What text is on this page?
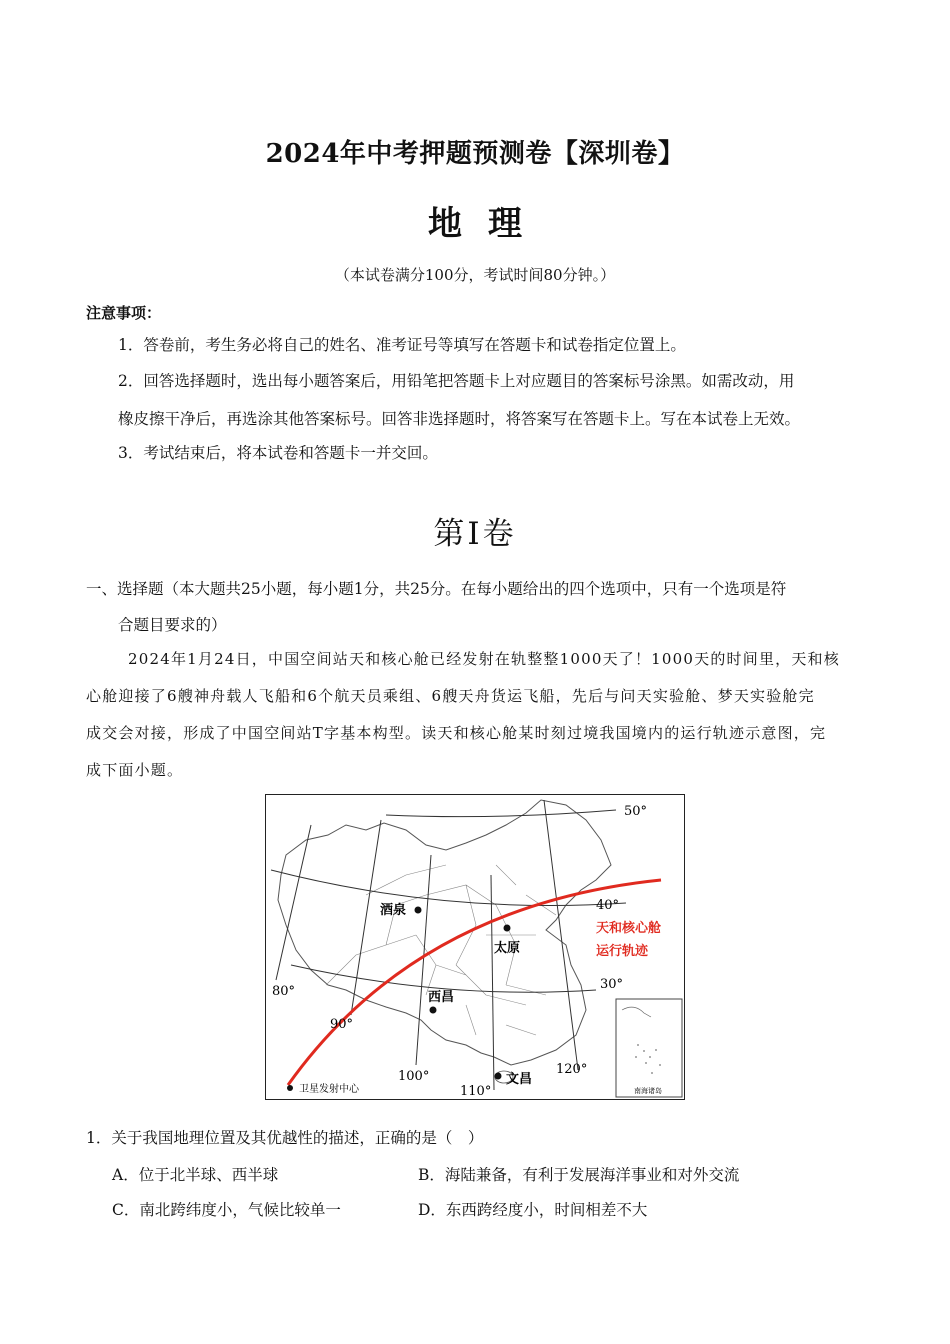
2024年中考押题预测卷【深圳卷】
地理
（本试卷满分100分，考试时间80分钟。）
注意事项：
1．答卷前，考生务必将自己的姓名、准考证号等填写在答题卡和试卷指定位置上。
2．回答选择题时，选出每小题答案后，用铅笔把答题卡上对应题目的答案标号涂黑。如需改动，用
橡皮擦干净后，再选涂其他答案标号。回答非选择题时，将答案写在答题卡上。写在本试卷上无效。
3．考试结束后，将本试卷和答题卡一并交回。
第Ⅰ卷
一、选择题（本大题共25小题，每小题1分，共25分。在每小题给出的四个选项中，只有一个选项是符
合题目要求的）
2024年1月24日，中国空间站天和核心舱已经发射在轨整整1000天了！1000天的时间里，天和核
心舱迎接了6艘神舟载人飞船和6个航天员乘组、6艘天舟货运飞船，先后与问天实验舱、梦天实验舱完
成交会对接，形成了中国空间站T字基本构型。读天和核心舱某时刻过境我国境内的运行轨迹示意图，完
成下面小题。
酒泉
太原
西昌
文昌
50°
40°
30°
80°
90°
100°
110°
120°
天和核心舱
运行轨迹
卫星发射中心	南海诸岛
1．关于我国地理位置及其优越性的描述，正确的是（　）
A．位于北半球、西半球	B．海陆兼备，有利于发展海洋事业和对外交流
C．南北跨纬度小，气候比较单一	D．东西跨经度小，时间相差不大
